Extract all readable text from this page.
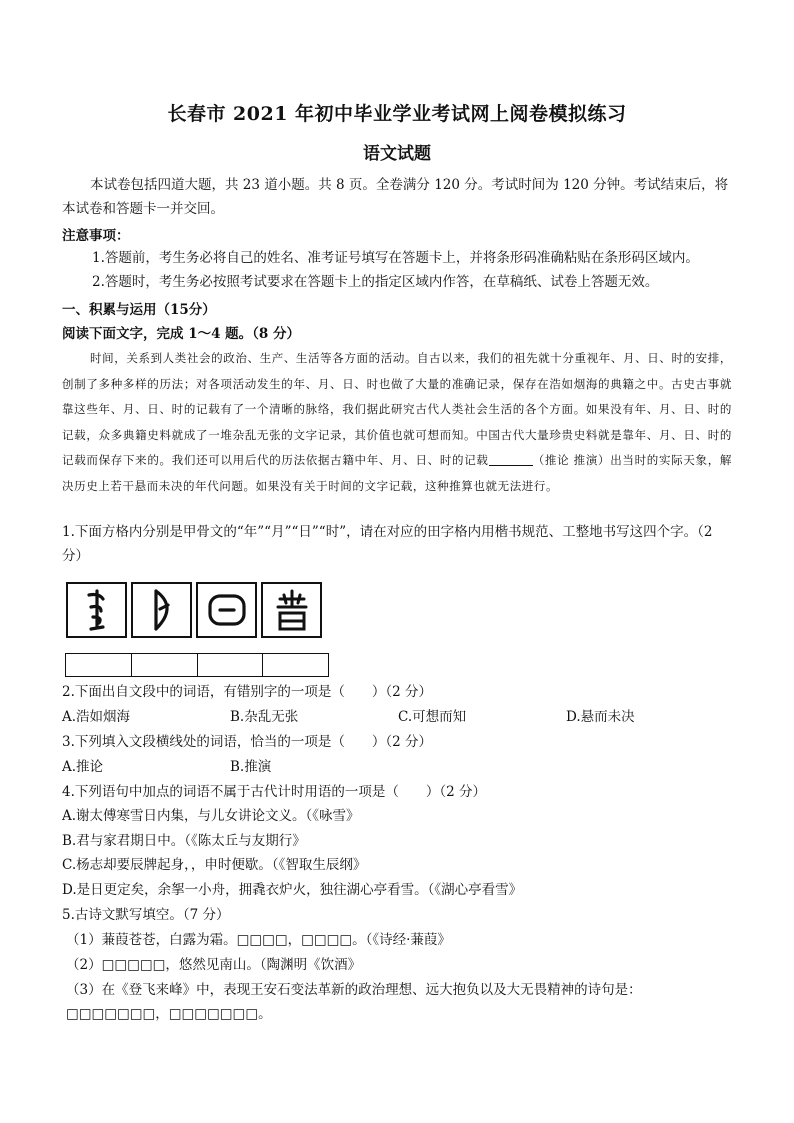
长春市 2021 年初中毕业学业考试网上阅卷模拟练习
语文试题
本试卷包括四道大题，共 23 道小题。共 8 页。全卷满分 120 分。考试时间为 120 分钟。考试结束后，将本试卷和答题卡一并交回。
注意事项：
1.答题前，考生务必将自己的姓名、准考证号填写在答题卡上，并将条形码准确粘贴在条形码区域内。
2.答题时，考生务必按照考试要求在答题卡上的指定区域内作答，在草稿纸、试卷上答题无效。
一、积累与运用（15分）
阅读下面文字，完成 1～4 题。（8 分）
时间，关系到人类社会的政治、生产、生活等各方面的活动。自古以来，我们的祖先就十分重视年、月、日、时的安排，创制了多种多样的历法；对各项活动发生的年、月、日、时也做了大量的准确记录，保存在浩如烟海的典籍之中。古史古事就靠这些年、月、日、时的记载有了一个清晰的脉络，我们据此研究古代人类社会生活的各个方面。如果没有年、月、日、时的记载，众多典籍史料就成了一堆杂乱无张的文字记录，其价值也就可想而知。中国古代大量珍贵史料就是靠年、月、日、时的记载而保存下来的。我们还可以用后代的历法依据古籍中年、月、日、时的记载	（推论 推演）出当时的实际天象，解决历史上若干悬而未决的年代问题。如果没有关于时间的文字记载，这种推算也就无法进行。
1.下面方格内分别是甲骨文的“年”“月”“日”“时”，请在对应的田字格内用楷书规范、工整地书写这四个字。（2 分）
2.下面出自文段中的词语，有错别字的一项是（　　）（2 分）
A.浩如烟海	B.杂乱无张	C.可想而知	D.悬而未决
3.下列填入文段横线处的词语，恰当的一项是（　　）（2 分）
A.推论	B.推演
4.下列语句中加点的词语不属于古代计时用语的一项是（　　）（2 分）
A.谢太傅寒雪日内集，与儿女讲论文义。（《咏雪》
B.君与家君期日中。（《陈太丘与友期行》
C.杨志却要辰牌起身，，申时便歇。（《智取生辰纲》
D.是日更定矣，余挐一小舟，拥毳衣炉火，独往湖心亭看雪。（《湖心亭看雪》
5.古诗文默写填空。（7 分）
（1）蒹葭苍苍，白露为霜。□□□□，□□□□。（《诗经·蒹葭》
（2）□□□□□，悠然见南山。（陶渊明《饮酒》
（3）在《登飞来峰》中，表现王安石变法革新的政治理想、远大抱负以及大无畏精神的诗句是：□□□□□□□，□□□□□□□。
